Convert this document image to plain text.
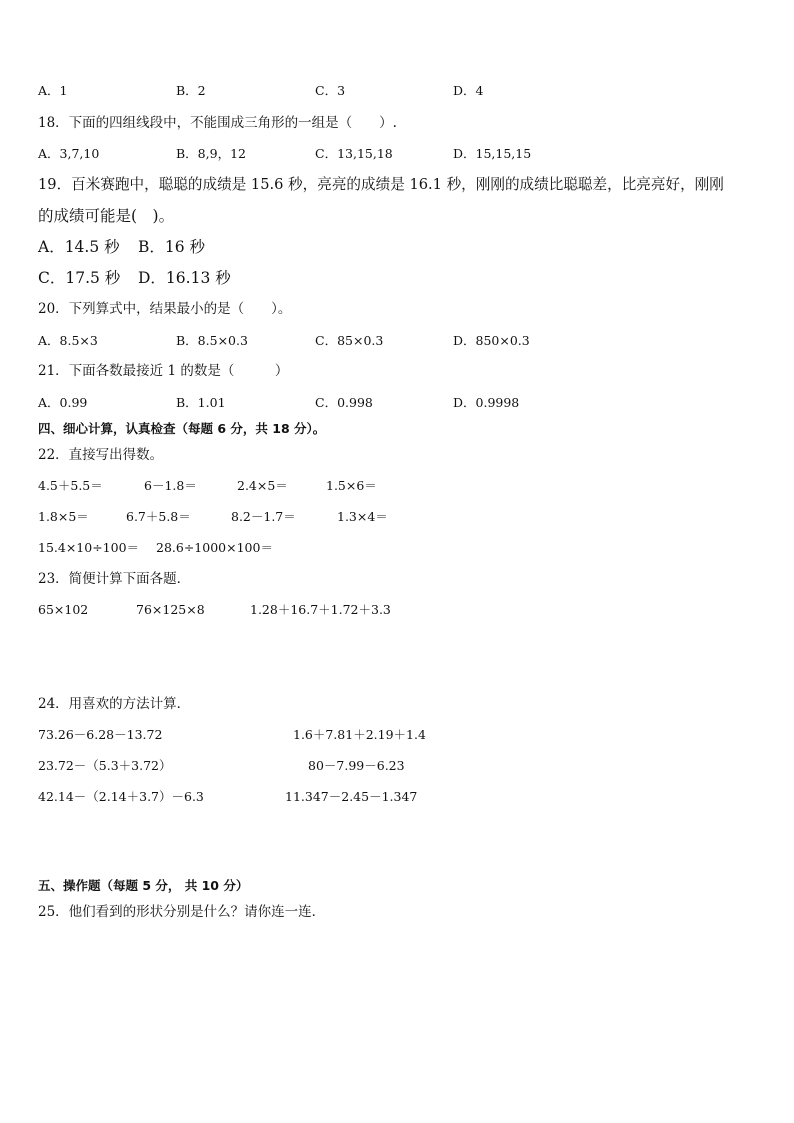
A．1	B．2	C．3	D．4
18．下面的四组线段中，不能围成三角形的一组是（　　）.
A．3,7,10	B．8,9，12	C．13,15,18	D．15,15,15
19．百米赛跑中，聪聪的成绩是 15.6 秒，亮亮的成绩是 16.1 秒，刚刚的成绩比聪聪差，比亮亮好，刚刚
的成绩可能是(　)。
A．14.5 秒 B．16 秒
C．17.5 秒 D．16.13 秒
20．下列算式中，结果最小的是（　　）。
A．8.5×3	B．8.5×0.3	C．85×0.3	D．850×0.3
21．下面各数最接近 1 的数是（　　　）
A．0.99	B．1.01	C．0.998	D．0.9998
四、细心计算，认真检查（每题 6 分，共 18 分）。
22．直接写出得数。
4.5＋5.5＝	6－1.8＝	2.4×5＝	1.5×6＝
1.8×5＝	6.7＋5.8＝	8.2－1.7＝	1.3×4＝
15.4×10÷100＝ 28.6÷1000×100＝
23．简便计算下面各题．
65×102	76×125×8	1.28＋16.7＋1.72＋3.3
24．用喜欢的方法计算．
73.26－6.28－13.72	1.6＋7.81＋2.19＋1.4
23.72－（5.3＋3.72）	80－7.99－6.23
42.14－（2.14＋3.7）－6.3	11.347－2.45－1.347
五、操作题（每题 5 分， 共 10 分）
25．他们看到的形状分别是什么？请你连一连．
